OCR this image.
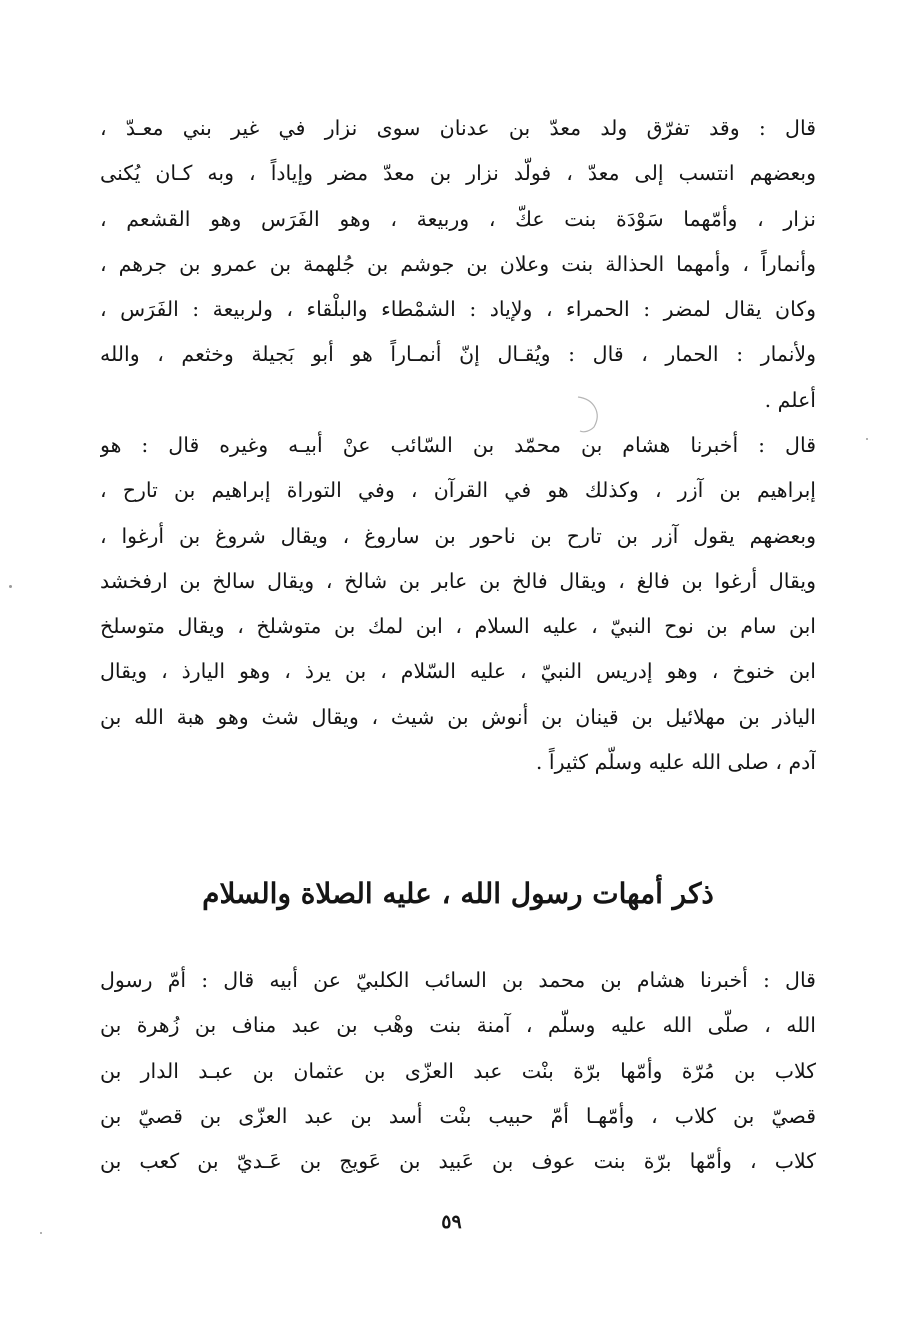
قال : وقد تفرّق ولد معدّ بن عدنان سوى نزار في غير بني معـدّ ،
وبعضهم انتسب إلى معدّ ، فولّد نزار بن معدّ مضر وإياداً ، وبه كـان يُكنى
نزار ، وأمّهما سَوْدَة بنت عكّ ، وربيعة ، وهو الفَرَس وهو القشعم ،
وأنماراً ، وأمهما الحذالة بنت وعلان بن جوشم بن جُلهمة بن عمرو بن جرهم ،
وكان يقال لمضر : الحمراء ، ولإياد : الشمْطاء والبلْقاء ، ولربيعة : الفَرَس ،
ولأنمار : الحمار ، قال : ويُقـال إنّ أنمـاراً هو أبو بَجيلة وخثعم ، والله
أعلم .
قال : أخبرنا هشام بن محمّد بن السّائب عنْ أبيـه وغيره قال : هو
إبراهيم بن آزر ، وكذلك هو في القرآن ، وفي التوراة إبراهيم بن تارح ،
وبعضهم يقول آزر بن تارح بن ناحور بن ساروغ ، ويقال شروغ بن أرغوا ،
ويقال أرغوا بن فالغ ، ويقال فالخ بن عابر بن شالخ ، ويقال سالخ بن ارفخشد
ابن سام بن نوح النبيّ ، عليه السلام ، ابن لمك بن متوشلخ ، ويقال متوسلخ
ابن خنوخ ، وهو إدريس النبيّ ، عليه السّلام ، بن يرذ ، وهو اليارذ ، ويقال
الياذر بن مهلائيل بن قينان بن أنوش بن شيث ، ويقال شث وهو هبة الله بن
آدم ، صلى الله عليه وسلّم كثيراً .
ذكر أمهات رسول الله ، عليه الصلاة والسلام
قال : أخبرنا هشام بن محمد بن السائب الكلبيّ عن أبيه قال : أمّ رسول
الله ، صلّى الله عليه وسلّم ، آمنة بنت وهْب بن عبد مناف بن زُهرة بن
كلاب بن مُرّة وأمّها برّة بنْت عبد العزّى بن عثمان بن عبـد الدار بن
قصيّ بن كلاب ، وأمّهـا أمّ حبيب بنْت أسد بن عبد العزّى بن قصيّ بن
كلاب ، وأمّها برّة بنت عوف بن عَبيد بن عَويج بن عَـديّ بن كعب بن
٥٩
